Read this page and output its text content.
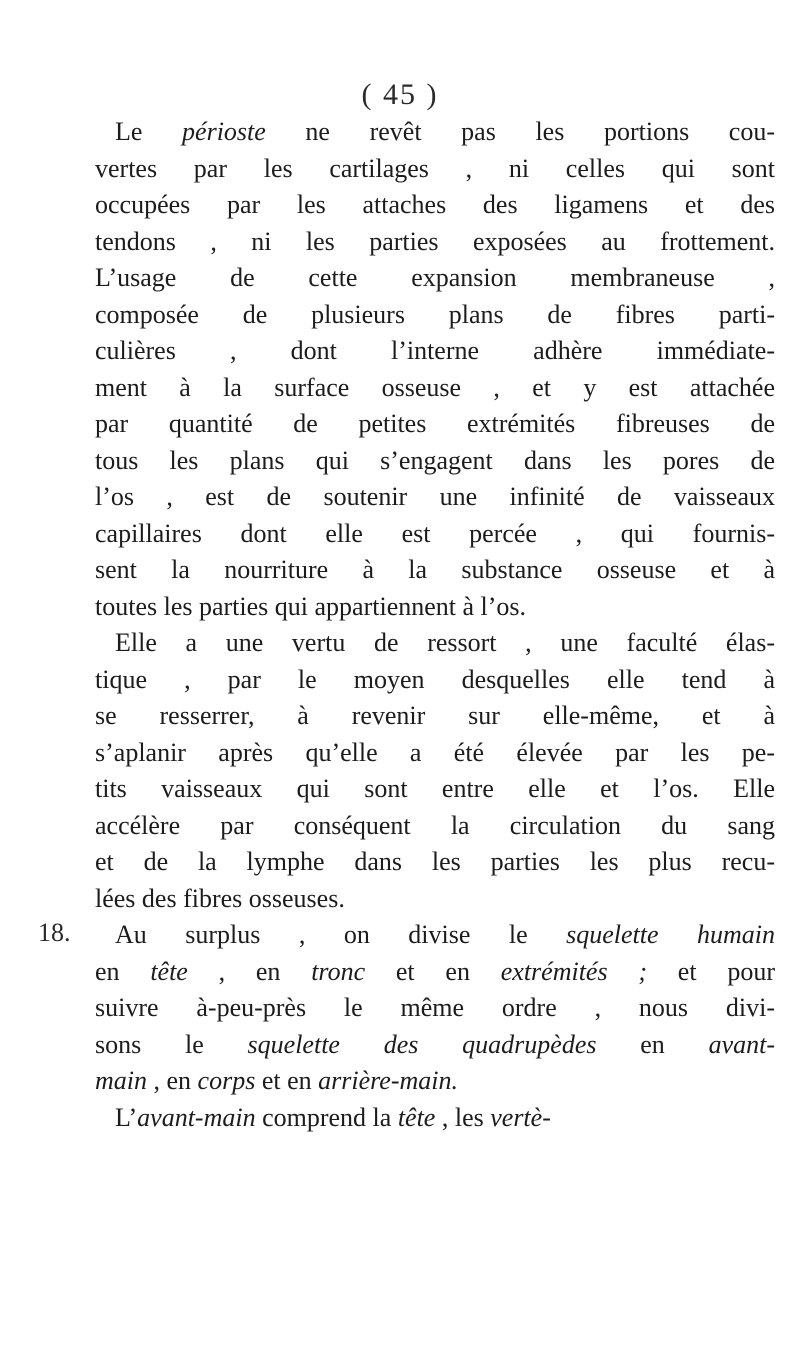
( 45 )
18.
Le périoste ne revêt pas les portions cou-
vertes par les cartilages , ni celles qui sont
occupées par les attaches des ligamens et des
tendons , ni les parties exposées au frottement.
L’usage de cette expansion membraneuse ,
composée de plusieurs plans de fibres parti-
culières , dont l’interne adhère immédiate-
ment à la surface osseuse , et y est attachée
par quantité de petites extrémités fibreuses de
tous les plans qui s’engagent dans les pores de
l’os , est de soutenir une infinité de vaisseaux
capillaires dont elle est percée , qui fournis-
sent la nourriture à la substance osseuse et à
toutes les parties qui appartiennent à l’os.
Elle a une vertu de ressort , une faculté élas-
tique , par le moyen desquelles elle tend à
se resserrer, à revenir sur elle-même, et à
s’aplanir après qu’elle a été élevée par les pe-
tits vaisseaux qui sont entre elle et l’os. Elle
accélère par conséquent la circulation du sang
et de la lymphe dans les parties les plus recu-
lées des fibres osseuses.
Au surplus , on divise le squelette humain
en tête , en tronc et en extrémités ; et pour
suivre à-peu-près le même ordre , nous divi-
sons le squelette des quadrupèdes en avant-
main , en corps et en arrière-main.
L’avant-main comprend la tête , les vertè-
